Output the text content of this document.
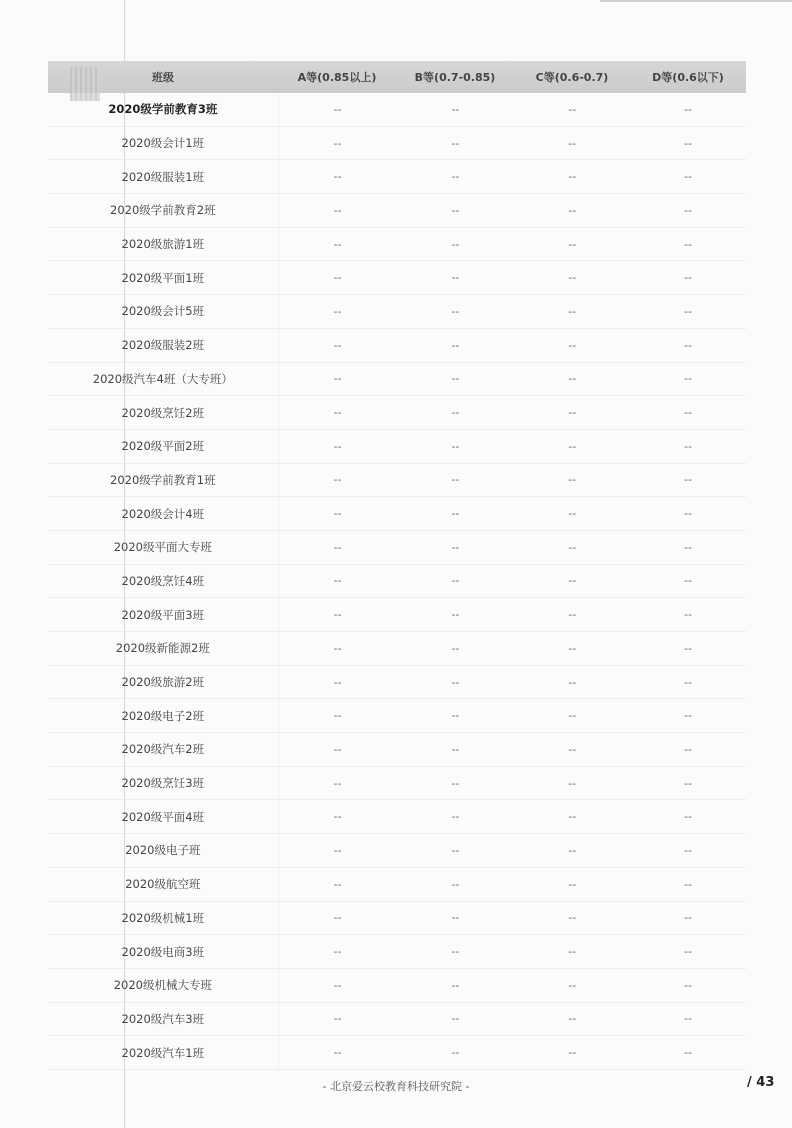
班级	A等(0.85以上)	B等(0.7-0.85)	C等(0.6-0.7)	D等(0.6以下)
2020级学前教育3班	--	--	--	--
2020级会计1班	--	--	--	--
2020级服装1班	--	--	--	--
2020级学前教育2班	--	--	--	--
2020级旅游1班	--	--	--	--
2020级平面1班	--	--	--	--
2020级会计5班	--	--	--	--
2020级服装2班	--	--	--	--
2020级汽车4班（大专班）	--	--	--	--
2020级烹饪2班	--	--	--	--
2020级平面2班	--	--	--	--
2020级学前教育1班	--	--	--	--
2020级会计4班	--	--	--	--
2020级平面大专班	--	--	--	--
2020级烹饪4班	--	--	--	--
2020级平面3班	--	--	--	--
2020级新能源2班	--	--	--	--
2020级旅游2班	--	--	--	--
2020级电子2班	--	--	--	--
2020级汽车2班	--	--	--	--
2020级烹饪3班	--	--	--	--
2020级平面4班	--	--	--	--
2020级电子班	--	--	--	--
2020级航空班	--	--	--	--
2020级机械1班	--	--	--	--
2020级电商3班	--	--	--	--
2020级机械大专班	--	--	--	--
2020级汽车3班	--	--	--	--
2020级汽车1班	--	--	--	--
- 北京爱云校教育科技研究院 -	/ 43
